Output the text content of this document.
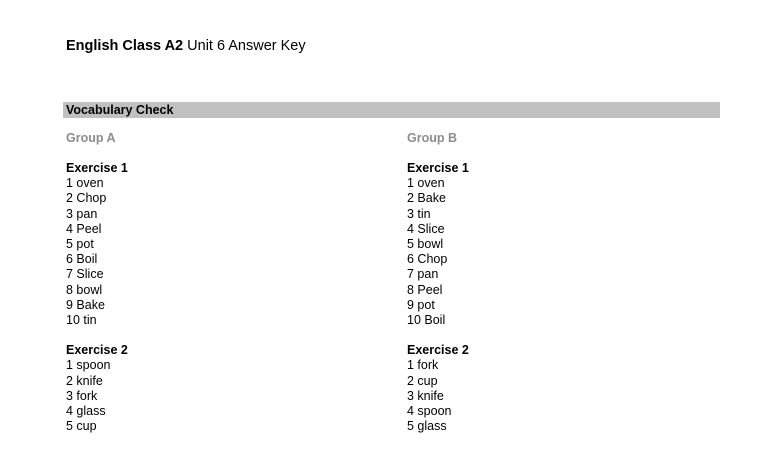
English Class A2 Unit 6 Answer Key
Vocabulary Check
Group A
Exercise 1
1 oven
2 Chop
3 pan
4 Peel
5 pot
6 Boil
7 Slice
8 bowl
9 Bake
10 tin
Exercise 2
1 spoon
2 knife
3 fork
4 glass
5 cup
Group B
Exercise 1
1 oven
2 Bake
3 tin
4 Slice
5 bowl
6 Chop
7 pan
8 Peel
9 pot
10 Boil
Exercise 2
1 fork
2 cup
3 knife
4 spoon
5 glass
